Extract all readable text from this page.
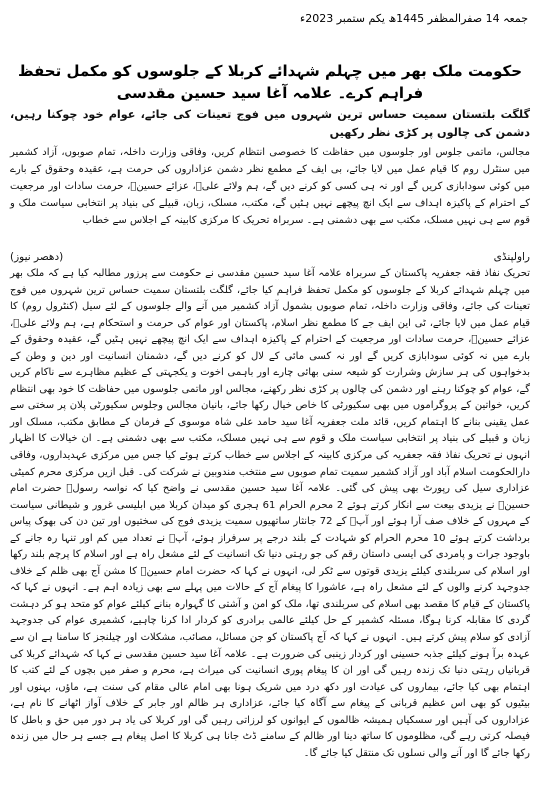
جمعہ 14 صفرالمظفر 1445ھ یکم ستمبر 2023ء
حکومت ملک بھر میں چہلم شہدائے کربلا کے جلوسوں کو مکمل تحفظ فراہم کرے۔ علامہ آغا سید حسین مقدسی

گلگت بلتستان سمیت حساس ترین شہروں میں فوج تعینات کی جائے، عوام خود چوکنا رہیں، دشمن کی چالوں پر کڑی نظر رکھیں

مجالس، ماتمی جلوس اور جلوسوں میں حفاظت کا خصوصی انتظام کریں، وفاقی وزارت داخلہ، تمام صوبوں، آزاد کشمیر میں سنٹرل روم کا قیام عمل میں لایا جائے، بی ایف کے مطمع نظر دشمن عزاداروں کی حرمت ہے، عقیدہ وحقوق کے بارے میں کوئی سودابازی کریں گے اور نہ ہی کسی کو کرنے دیں گے، ہم ولائے علیؑ، عزائے حسینؑ، حرمت سادات اور مرجعیت کے احترام کے پاکیزہ اہداف سے ایک انچ پیچھے نہیں ہٹیں گے، مکتب، مسلک، زبان، قبیلے کی بنیاد پر انتخابی سیاست ملک و قوم سے ہی نہیں مسلک، مکتب سے بھی دشمنی ہے۔ سربراہ تحریک کا مرکزی کابینہ کے اجلاس سے خطاب

راولپنڈی
(دھصر نیوز)

تحریک نفاذ فقہ جعفریہ پاکستان کے سربراہ علامہ آغا سید حسین مقدسی نے حکومت سے پرزور مطالبہ کیا ہے کہ ملک بھر میں چہلم شہدائے کربلا کے جلوسوں کو مکمل تحفظ فراہم کیا جائے، گلگت بلتستان سمیت حساس ترین شہروں میں فوج تعینات کی جائے، وفاقی وزارت داخلہ، تمام صوبوں بشمول آزاد کشمیر میں آنے والے جلوسوں کے لئے سیل (کنٹرول روم) کا قیام عمل میں لایا جائے، ٹی این ایف جے کا مطمع نظر اسلام، پاکستان اور عوام کی حرمت و استحکام ہے، ہم ولائے علیؑ، عزائے حسینؑ، حرمت سادات اور مرجعیت کے احترام کے پاکیزہ اہداف سے ایک انچ پیچھے نہیں ہٹیں گے، عقیدہ وحقوق کے بارے میں نہ کوئی سودابازی کریں گے اور نہ کسی مائی کے لال کو کرنے دیں گے، دشمنان انسانیت اور دین و وطن کے بدخواہوں کی ہر سازش وشرارت کو شیعہ سنی بھائی چارے اور باہمی اخوت و یکجہتی کے عظیم مظاہرے سے ناکام کریں گے، عوام کو چوکنا رہنے اور دشمن کی چالوں پر کڑی نظر رکھنے، مجالس اور ماتمی جلوسوں میں حفاظت کا خود بھی انتظام کریں، خواتین کے پروگراموں میں بھی سکیورٹی کا خاص خیال رکھا جائے، بانیان مجالس وجلوس سکیورٹی پلان پر سختی سے عمل یقینی بنانے کا اہتمام کریں، قائد ملت جعفریہ آغا سید حامد علی شاہ موسوی کے فرمان کے مطابق مکتب، مسلک اور زبان و قبیلے کی بنیاد پر انتخابی سیاست ملک و قوم سے ہی نہیں مسلک، مکتب سے بھی دشمنی ہے۔ ان خیالات کا اظہار انہوں نے تحریک نفاذ فقہ جعفریہ کی مرکزی کابینہ کے اجلاس سے خطاب کرتے ہوئے کیا جس میں مرکزی عہدیداروں، وفاقی دارالحکومت اسلام آباد اور آزاد کشمیر سمیت تمام صوبوں سے منتخب مندوبین نے شرکت کی۔ قبل ازیں مرکزی محرم کمیٹی عزاداری سیل کی رپورٹ بھی پیش کی گئی۔ علامہ آغا سید حسین مقدسی نے واضح کیا کہ نواسہ رسولؐ حضرت امام حسینؑ نے یزیدی بیعت سے انکار کرتے ہوئے 2 محرم الحرام 61 ہجری کو میدان کربلا میں ابلیسی غرور و شیطانی سیاست کے مہروں کے خلاف صف آرا ہوئے اور آپؑ کے 72 جانثار ساتھیوں سمیت یزیدی فوج کی سختیوں اور تین دن کی بھوک پیاس برداشت کرتے ہوئے 10 محرم الحرام کو شہادت کے بلند درجے پر سرفراز ہوئے، آپؑ نے تعداد میں کم اور تنہا رہ جانے کے باوجود جرات و پامردی کی ایسی داستان رقم کی جو رہتی دنیا تک انسانیت کے لئے مشعل راہ ہے اور اسلام کا پرچم بلند رکھا اور اسلام کی سربلندی کیلئے یزیدی قوتوں سے ٹکر لی، انہوں نے کہا کہ حضرت امام حسینؑ کا مشن آج بھی ظلم کے خلاف جدوجہد کرنے والوں کے لئے مشعل راہ ہے، عاشورا کا پیغام آج کے حالات میں پہلے سے بھی زیادہ اہم ہے۔ انہوں نے کہا کہ پاکستان کے قیام کا مقصد بھی اسلام کی سربلندی تھا، ملک کو امن و آشتی کا گہوارہ بنانے کیلئے عوام کو متحد ہو کر دہشت گردی کا مقابلہ کرنا ہوگا، مسئلہ کشمیر کے حل کیلئے عالمی برادری کو کردار ادا کرنا چاہیے، کشمیری عوام کی جدوجہد آزادی کو سلام پیش کرتے ہیں۔ انہوں نے کہا کہ آج پاکستان کو جن مسائل، مصائب، مشکلات اور چیلنجز کا سامنا ہے ان سے عہدہ برآ ہونے کیلئے جذبہ حسینی اور کردار زینبی کی ضرورت ہے۔ علامہ آغا سید حسین مقدسی نے کہا کہ شہدائے کربلا کی قربانیاں رہتی دنیا تک زندہ رہیں گی اور ان کا پیغام پوری انسانیت کی میراث ہے، محرم و صفر میں بچوں کے لئے کتب کا اہتمام بھی کیا جائے، بیماروں کی عیادت اور دکھ درد میں شریک ہونا بھی امام عالی مقام کی سنت ہے، ماؤں، بہنوں اور بیٹیوں کو بھی اس عظیم قربانی کے پیغام سے آگاہ کیا جائے، عزاداری ہر ظالم اور جابر کے خلاف آواز اٹھانے کا نام ہے، عزاداروں کی آہیں اور سسکیاں ہمیشہ ظالموں کے ایوانوں کو لرزاتی رہیں گی اور کربلا کی یاد ہر دور میں حق و باطل کا فیصلہ کرتی رہے گی، مظلوموں کا ساتھ دینا اور ظالم کے سامنے ڈٹ جانا ہی کربلا کا اصل پیغام ہے جسے ہر حال میں زندہ رکھا جائے گا اور آنے والی نسلوں تک منتقل کیا جائے گا۔
